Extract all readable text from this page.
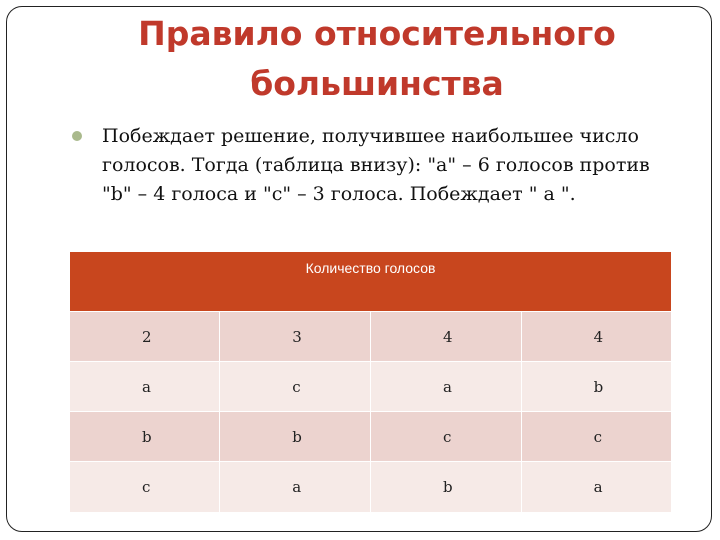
Правило относительного
большинства
Побеждает решение, получившее наибольшее число голосов. Тогда (таблица внизу): "a" – 6 голосов против "b" – 4 голоса и "c" – 3 голоса. Побеждает " a ".
Количество голосов			
2	3	4	4
a	c	a	b
b	b	c	c
c	a	b	a
